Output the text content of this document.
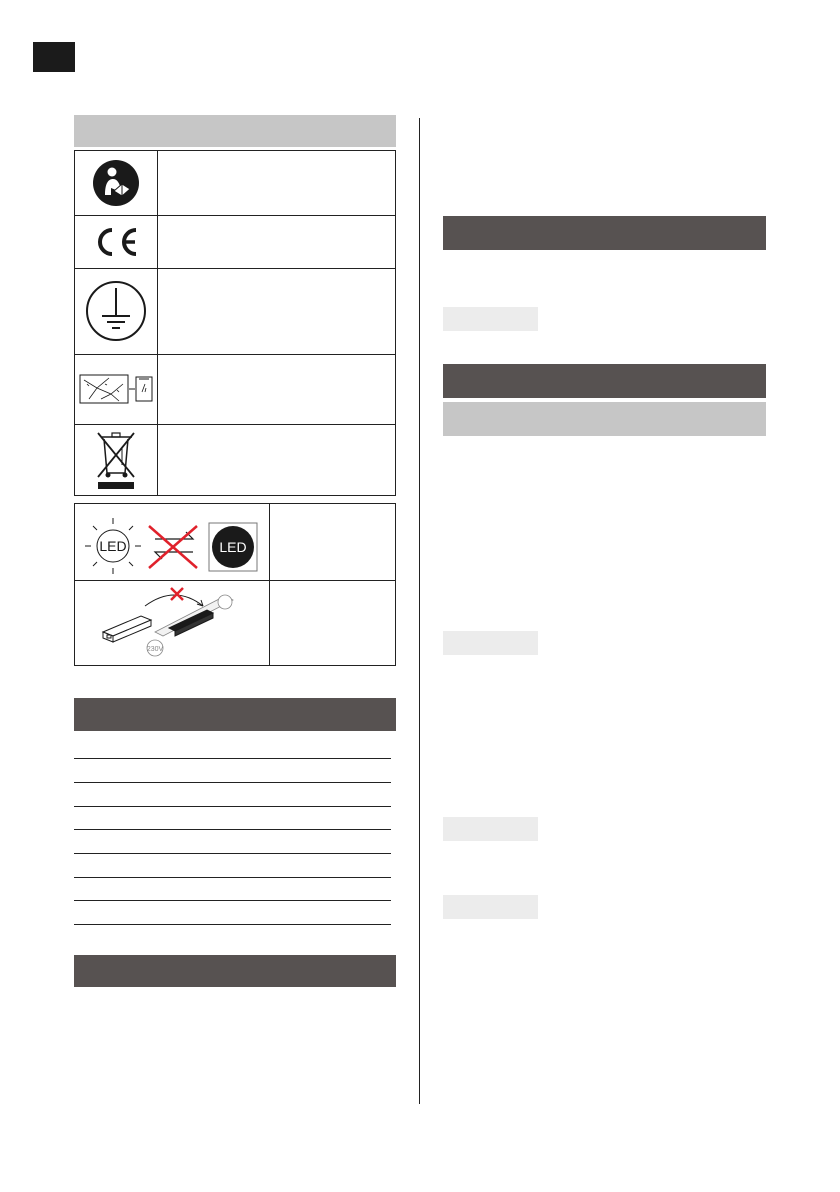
LED	LED
230V
